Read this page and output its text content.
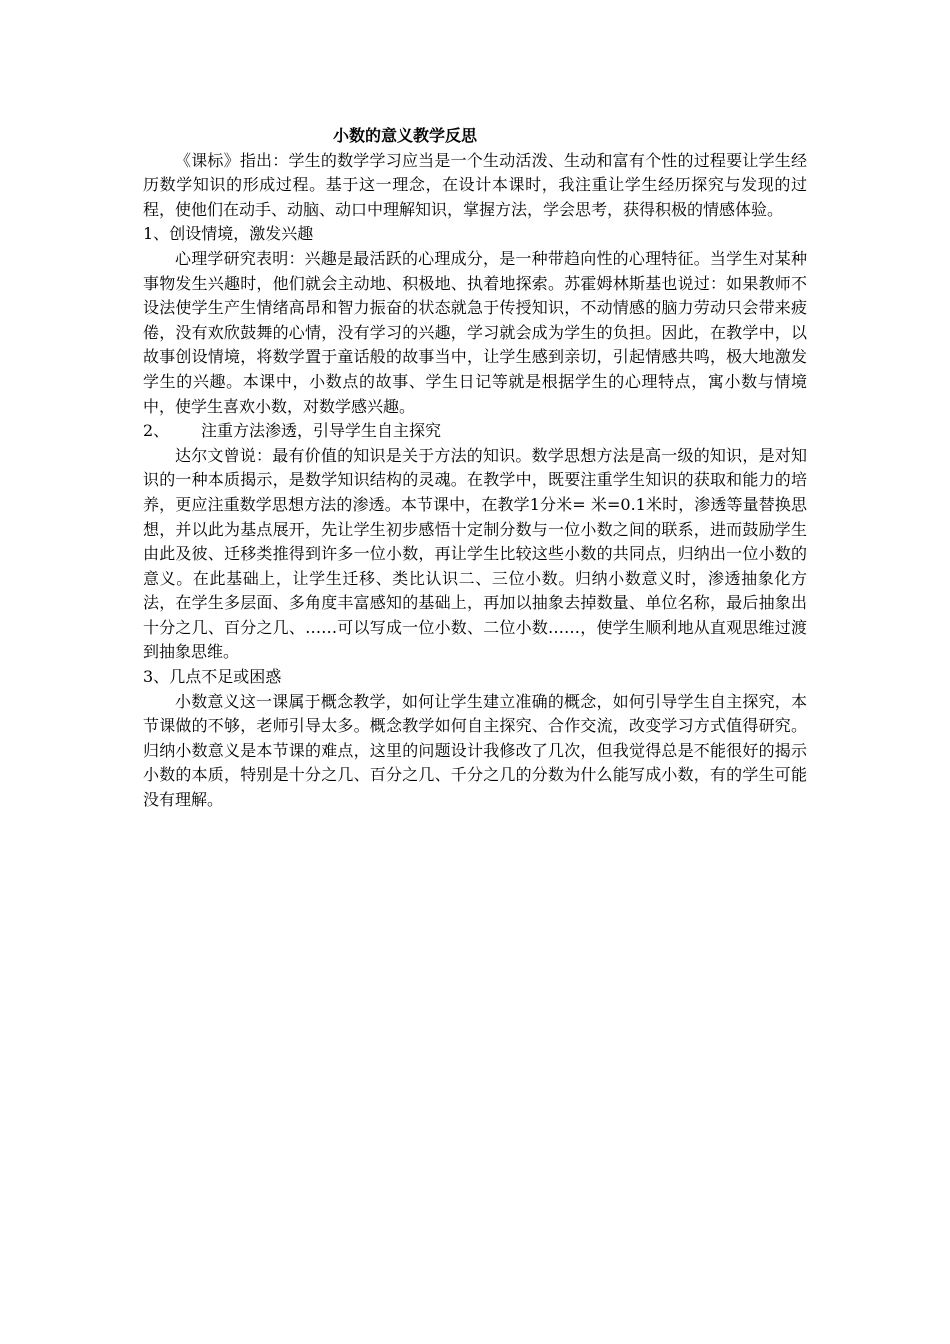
小数的意义教学反思

《课标》指出：学生的数学学习应当是一个生动活泼、生动和富有个性的过程要让学生经历数学知识的形成过程。基于这一理念，在设计本课时，我注重让学生经历探究与发现的过程，使他们在动手、动脑、动口中理解知识，掌握方法，学会思考，获得积极的情感体验。

1、创设情境，激发兴趣

心理学研究表明：兴趣是最活跃的心理成分，是一种带趋向性的心理特征。当学生对某种事物发生兴趣时，他们就会主动地、积极地、执着地探索。苏霍姆林斯基也说过：如果教师不设法使学生产生情绪高昂和智力振奋的状态就急于传授知识，不动情感的脑力劳动只会带来疲倦，没有欢欣鼓舞的心情，没有学习的兴趣，学习就会成为学生的负担。因此，在教学中，以故事创设情境，将数学置于童话般的故事当中，让学生感到亲切，引起情感共鸣，极大地激发学生的兴趣。本课中，小数点的故事、学生日记等就是根据学生的心理特点，寓小数与情境中，使学生喜欢小数，对数学感兴趣。

2、 注重方法渗透，引导学生自主探究

达尔文曾说：最有价值的知识是关于方法的知识。数学思想方法是高一级的知识，是对知识的一种本质揭示，是数学知识结构的灵魂。在教学中，既要注重学生知识的获取和能力的培养，更应注重数学思想方法的渗透。本节课中，在教学1分米= 米=0.1米时，渗透等量替换思想，并以此为基点展开，先让学生初步感悟十定制分数与一位小数之间的联系，进而鼓励学生由此及彼、迁移类推得到许多一位小数，再让学生比较这些小数的共同点，归纳出一位小数的意义。在此基础上，让学生迁移、类比认识二、三位小数。归纳小数意义时，渗透抽象化方法，在学生多层面、多角度丰富感知的基础上，再加以抽象去掉数量、单位名称，最后抽象出十分之几、百分之几、……可以写成一位小数、二位小数……，使学生顺利地从直观思维过渡到抽象思维。

3、几点不足或困惑

小数意义这一课属于概念教学，如何让学生建立准确的概念，如何引导学生自主探究，本节课做的不够，老师引导太多。概念教学如何自主探究、合作交流，改变学习方式值得研究。归纳小数意义是本节课的难点，这里的问题设计我修改了几次，但我觉得总是不能很好的揭示小数的本质，特别是十分之几、百分之几、千分之几的分数为什么能写成小数，有的学生可能没有理解。
